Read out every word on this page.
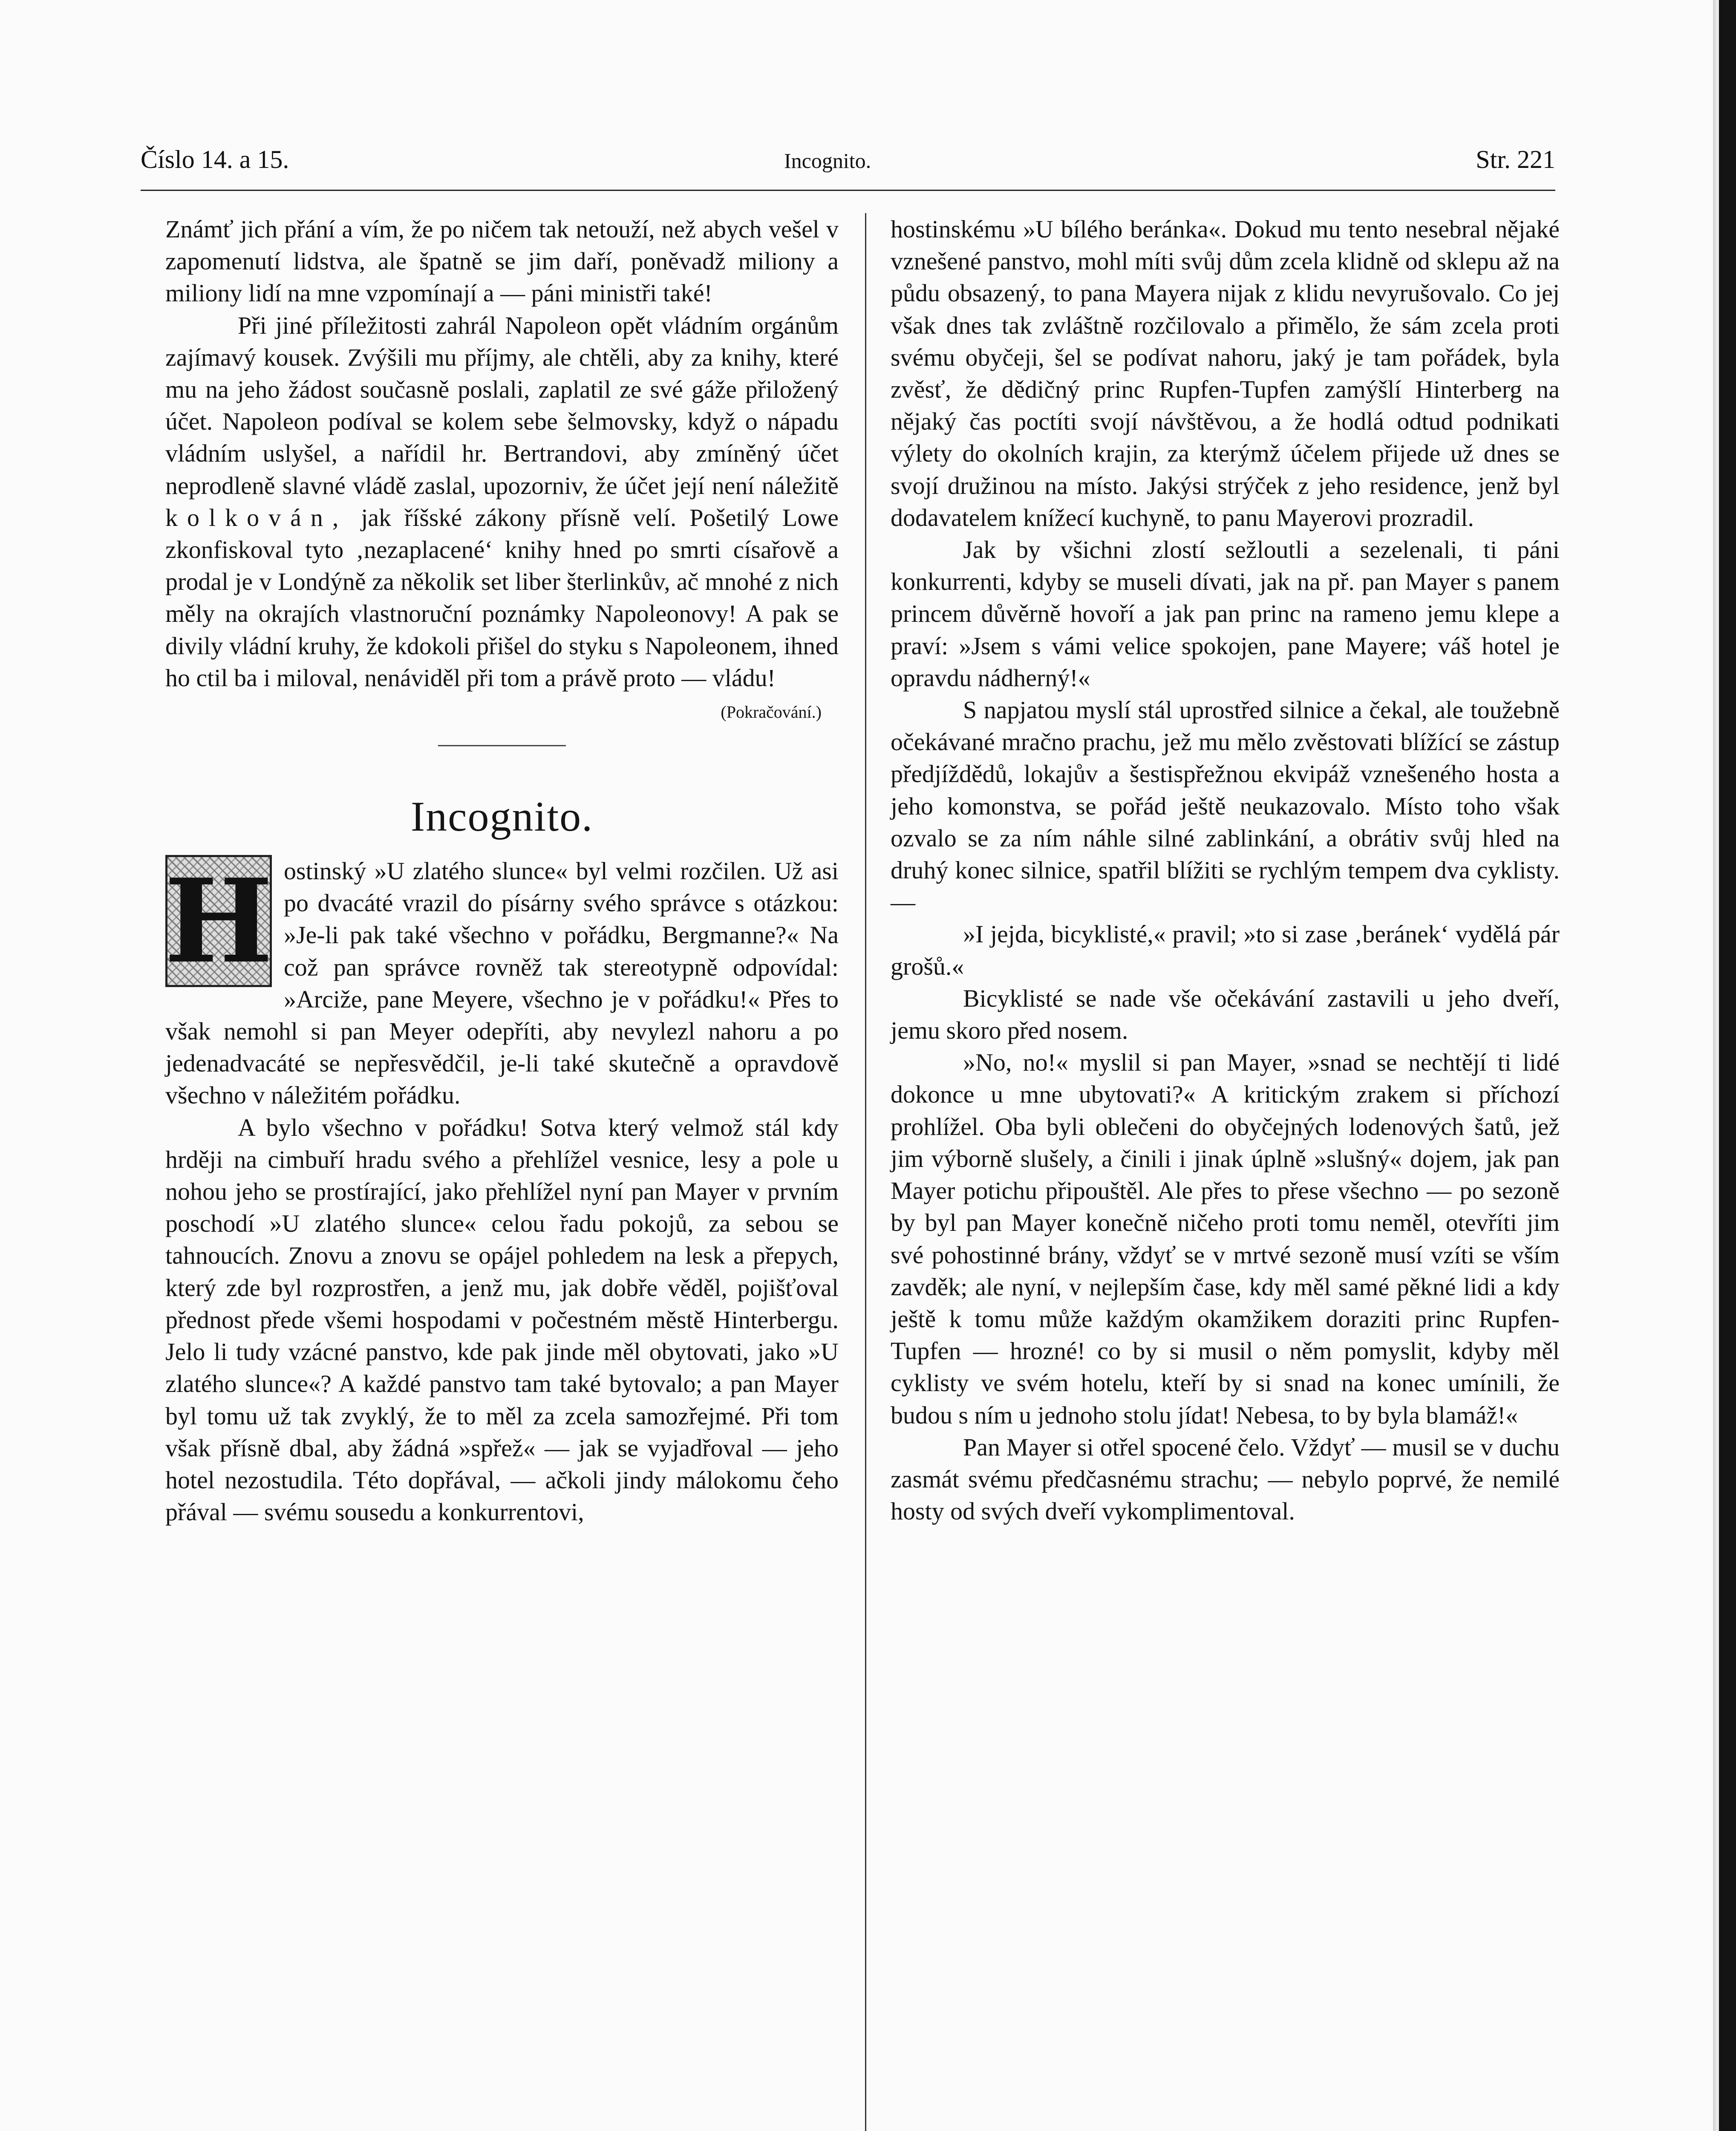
Číslo 14. a 15.	Incognito.	Str. 221

Známť jich přání a vím, že po ničem tak netouží, než abych vešel v zapomenutí lidstva, ale špatně se jim daří, poněvadž miliony a miliony lidí na mne vzpomínají a — páni ministři také!

Při jiné příležitosti zahrál Napoleon opět vládním orgánům zajímavý kousek. Zvýšili mu příjmy, ale chtěli, aby za knihy, které mu na jeho žádost současně poslali, zaplatil ze své gáže přiložený účet. Napoleon podíval se kolem sebe šelmovsky, když o nápadu vládním uslyšel, a nařídil hr. Bertrandovi, aby zmíněný účet neprodleně slavné vládě zaslal, upozorniv, že účet její není náležitě kolkován, jak říšské zákony přísně velí. Pošetilý Lowe zkonfiskoval tyto ‚nezaplacené‘ knihy hned po smrti císařově a prodal je v Londýně za několik set liber šterlinkův, ač mnohé z nich měly na okrajích vlastnoruční poznámky Napoleonovy! A pak se divily vládní kruhy, že kdokoli přišel do styku s Napoleonem, ihned ho ctil ba i miloval, nenáviděl při tom a právě proto — vládu!

(Pokračování.)
Incognito.

H ostinský »U zlatého slunce« byl velmi rozčilen. Už asi po dvacáté vrazil do písárny svého správce s otázkou: »Je-li pak také všechno v pořádku, Bergmanne?« Na což pan správce rovněž tak stereotypně odpovídal: »Arciže, pane Meyere, všechno je v pořádku!« Přes to však nemohl si pan Meyer odepříti, aby nevylezl nahoru a po jedenadvacáté se nepřesvědčil, je-li také skutečně a opravdově všechno v náležitém pořádku.

A bylo všechno v pořádku! Sotva který velmož stál kdy hrději na cimbuří hradu svého a přehlížel vesnice, lesy a pole u nohou jeho se prostírající, jako přehlížel nyní pan Mayer v prvním poschodí »U zlatého slunce« celou řadu pokojů, za sebou se tahnoucích. Znovu a znovu se opájel pohledem na lesk a přepych, který zde byl rozprostřen, a jenž mu, jak dobře věděl, pojišťoval přednost přede všemi hospodami v počestném městě Hinterbergu. Jelo li tudy vzácné panstvo, kde pak jinde měl obytovati, jako »U zlatého slunce«? A každé panstvo tam také bytovalo; a pan Mayer byl tomu už tak zvyklý, že to měl za zcela samozřejmé. Při tom však přísně dbal, aby žádná »spřež« — jak se vyjadřoval — jeho hotel nezostudila. Této dopřával, — ačkoli jindy málokomu čeho přával — svému sousedu a konkurrentovi,

hostinskému »U bílého beránka«. Dokud mu tento nesebral nějaké vznešené panstvo, mohl míti svůj dům zcela klidně od sklepu až na půdu obsazený, to pana Mayera nijak z klidu nevyrušovalo. Co jej však dnes tak zvláštně rozčilovalo a přimělo, že sám zcela proti svému obyčeji, šel se podívat nahoru, jaký je tam pořádek, byla zvěsť, že dědičný princ Rupfen-Tupfen zamýšlí Hinterberg na nějaký čas poctíti svojí návštěvou, a že hodlá odtud podnikati výlety do okolních krajin, za kterýmž účelem přijede už dnes se svojí družinou na místo. Jakýsi strýček z jeho residence, jenž byl dodavatelem knížecí kuchyně, to panu Mayerovi prozradil.

Jak by všichni zlostí sežloutli a sezelenali, ti páni konkurrenti, kdyby se museli dívati, jak na př. pan Mayer s panem princem důvěrně hovoří a jak pan princ na rameno jemu klepe a praví: »Jsem s vámi velice spokojen, pane Mayere; váš hotel je opravdu nádherný!«

S napjatou myslí stál uprostřed silnice a čekal, ale toužebně očekávané mračno prachu, jež mu mělo zvěstovati blížící se zástup předjíždědů, lokajův a šestispřežnou ekvipáž vznešeného hosta a jeho komonstva, se pořád ještě neukazovalo. Místo toho však ozvalo se za ním náhle silné zablinkání, a obrátiv svůj hled na druhý konec silnice, spatřil blížiti se rychlým tempem dva cyklisty. —

»I jejda, bicyklisté,« pravil; »to si zase ‚beránek‘ vydělá pár grošů.«

Bicyklisté se nade vše očekávání zastavili u jeho dveří, jemu skoro před nosem.

»No, no!« myslil si pan Mayer, »snad se nechtějí ti lidé dokonce u mne ubytovati?« A kritickým zrakem si příchozí prohlížel. Oba byli oblečeni do obyčejných lodenových šatů, jež jim výborně slušely, a činili i jinak úplně »slušný« dojem, jak pan Mayer potichu připouštěl. Ale přes to přese všechno — po sezoně by byl pan Mayer konečně ničeho proti tomu neměl, otevříti jim své pohostinné brány, vždyť se v mrtvé sezoně musí vzíti se vším zavděk; ale nyní, v nejlepším čase, kdy měl samé pěkné lidi a kdy ještě k tomu může každým okamžikem doraziti princ Rupfen-Tupfen — hrozné! co by si musil o něm pomyslit, kdyby měl cyklisty ve svém hotelu, kteří by si snad na konec umínili, že budou s ním u jednoho stolu jídat! Nebesa, to by byla blamáž!«

Pan Mayer si otřel spocené čelo. Vždyť — musil se v duchu zasmát svému předčasnému strachu; — nebylo poprvé, že nemilé hosty od svých dveří vykomplimentoval.
